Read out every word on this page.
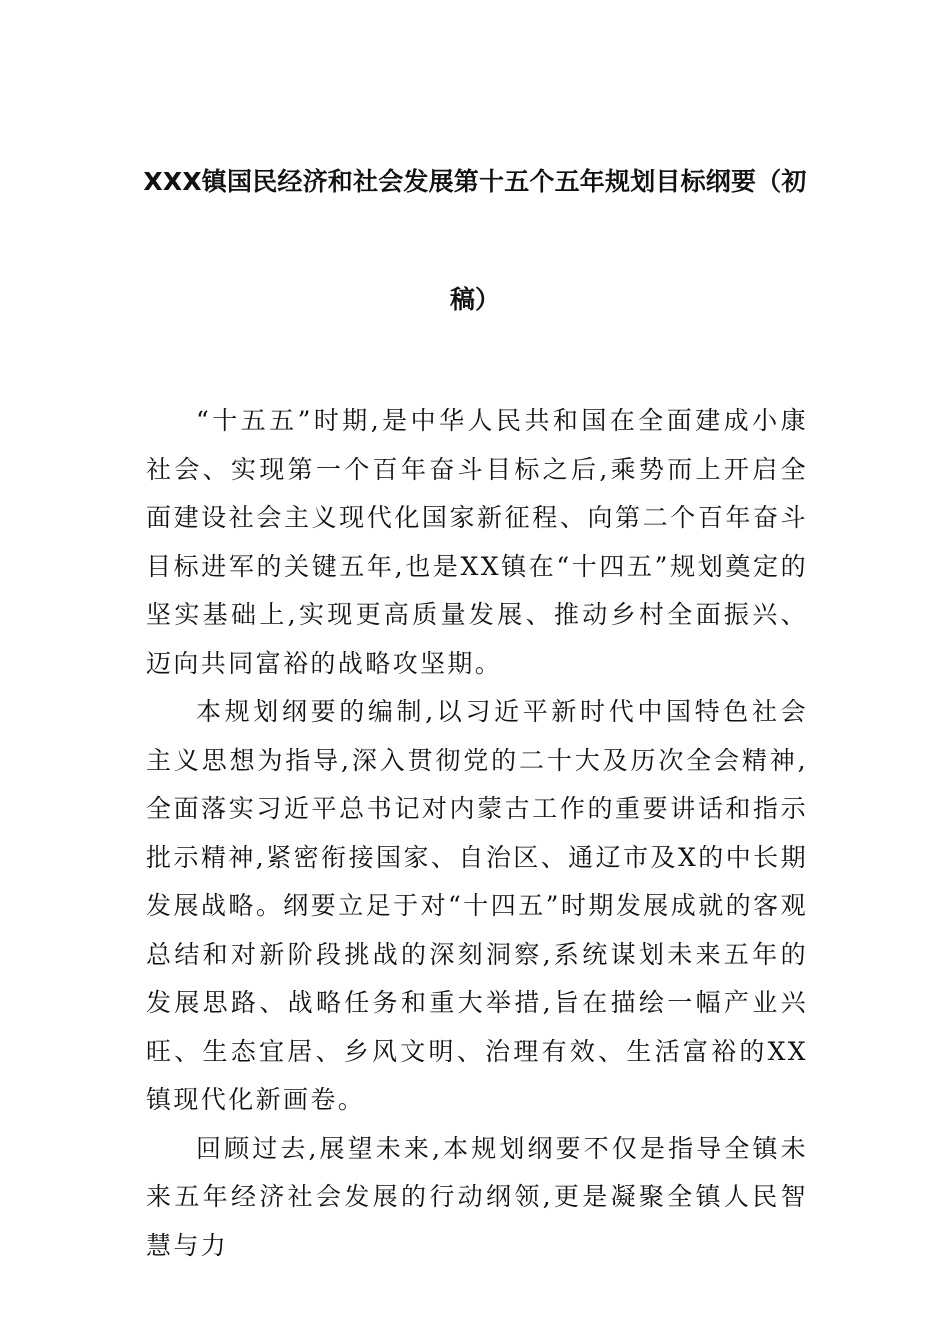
XXX镇国民经济和社会发展第十五个五年规划目标纲要（初
稿）

“十五五”时期,是中华人民共和国在全面建成小康社会、实现第一个百年奋斗目标之后,乘势而上开启全面建设社会主义现代化国家新征程、向第二个百年奋斗目标进军的关键五年,也是XX镇在“十四五”规划奠定的坚实基础上,实现更高质量发展、推动乡村全面振兴、迈向共同富裕的战略攻坚期。

本规划纲要的编制,以习近平新时代中国特色社会主义思想为指导,深入贯彻党的二十大及历次全会精神,全面落实习近平总书记对内蒙古工作的重要讲话和指示批示精神,紧密衔接国家、自治区、通辽市及X的中长期发展战略。纲要立足于对“十四五”时期发展成就的客观总结和对新阶段挑战的深刻洞察,系统谋划未来五年的发展思路、战略任务和重大举措,旨在描绘一幅产业兴旺、生态宜居、乡风文明、治理有效、生活富裕的XX镇现代化新画卷。

回顾过去,展望未来,本规划纲要不仅是指导全镇未来五年经济社会发展的行动纲领,更是凝聚全镇人民智慧与力
